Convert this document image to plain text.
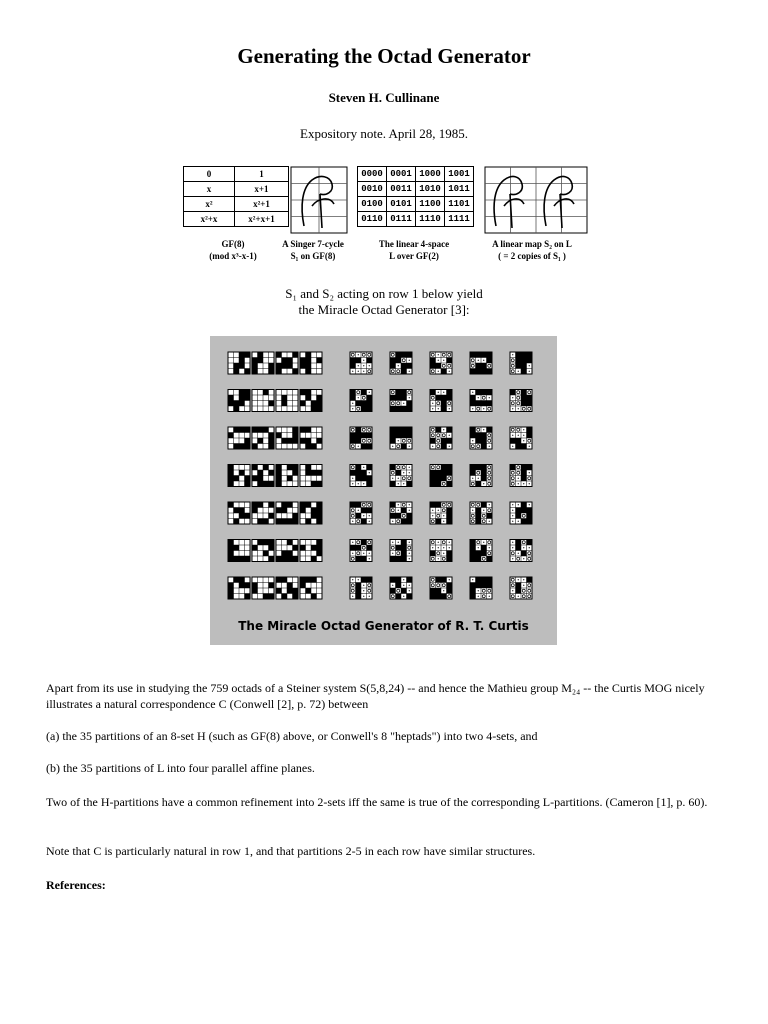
Generating the Octad Generator
Steven H. Cullinane
Expository note. April 28, 1985.
0	1
x	x+1
x²	x²+1
x²+x	x²+x+1
0000	0001	1000	1001
0010	0011	1010	1011
0100	0101	1100	1101
0110	0111	1110	1111
GF(8)
(mod x³-x-1)
A Singer 7-cycle
S₁ on GF(8)
The linear 4-space
L over GF(2)
A linear map S₂ on L
( = 2 copies of S₁ )
S₁ and S₂ acting on row 1 below yield
the Miracle Octad Generator [3]:
The Miracle Octad Generator of R. T. Curtis
Apart from its use in studying the 759 octads of a Steiner system S(5,8,24) -- and hence the Mathieu group M₂₄ -- the Curtis MOG nicely illustrates a natural correspondence C (Conwell [2], p. 72) between
(a) the 35 partitions of an 8-set H (such as GF(8) above, or Conwell's 8 "heptads") into two 4-sets, and
(b) the 35 partitions of L into four parallel affine planes.
Two of the H-partitions have a common refinement into 2-sets iff the same is true of the corresponding L-partitions. (Cameron [1], p. 60).
Note that C is particularly natural in row 1, and that partitions 2-5 in each row have similar structures.
References:
